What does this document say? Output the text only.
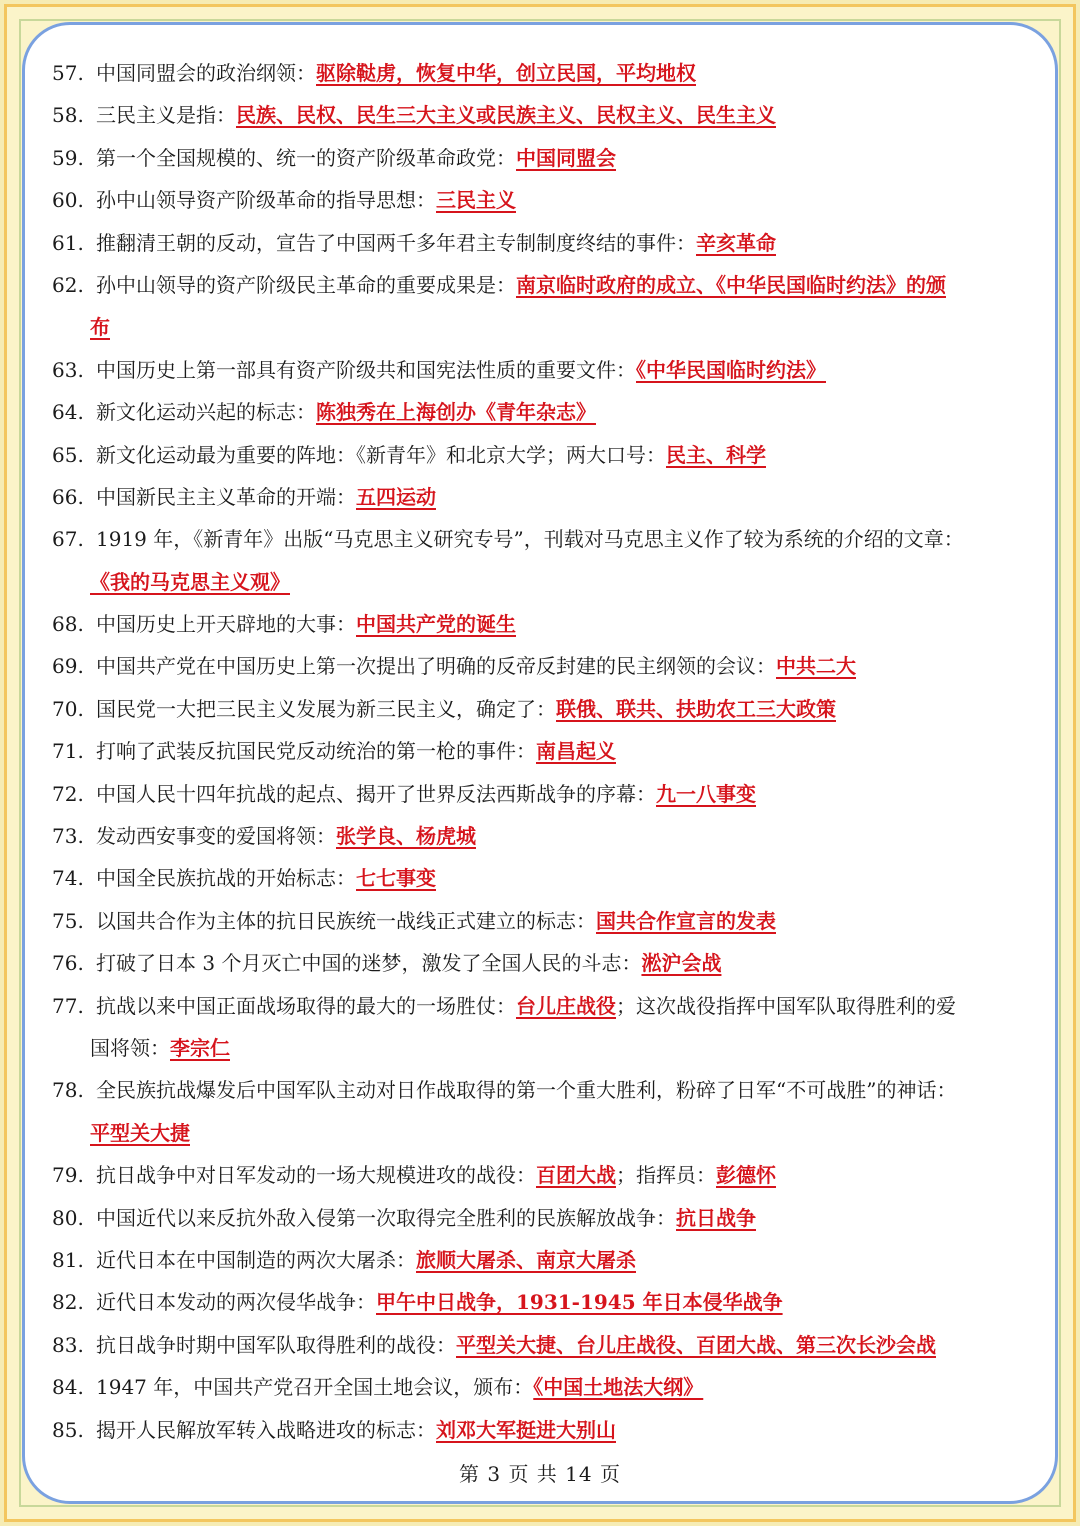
57. 中国同盟会的政治纲领：驱除鞑虏，恢复中华，创立民国，平均地权
58. 三民主义是指：民族、民权、民生三大主义或民族主义、民权主义、民生主义
59. 第一个全国规模的、统一的资产阶级革命政党：中国同盟会
60. 孙中山领导资产阶级革命的指导思想：三民主义
61. 推翻清王朝的反动，宣告了中国两千多年君主专制制度终结的事件：辛亥革命
62. 孙中山领导的资产阶级民主革命的重要成果是：南京临时政府的成立、《中华民国临时约法》的颁
布
63. 中国历史上第一部具有资产阶级共和国宪法性质的重要文件：《中华民国临时约法》
64. 新文化运动兴起的标志：陈独秀在上海创办《青年杂志》
65. 新文化运动最为重要的阵地：《新青年》和北京大学；两大口号：民主、科学
66. 中国新民主主义革命的开端：五四运动
67. 1919 年，《新青年》出版“马克思主义研究专号”，刊载对马克思主义作了较为系统的介绍的文章：
《我的马克思主义观》
68. 中国历史上开天辟地的大事：中国共产党的诞生
69. 中国共产党在中国历史上第一次提出了明确的反帝反封建的民主纲领的会议：中共二大
70. 国民党一大把三民主义发展为新三民主义，确定了：联俄、联共、扶助农工三大政策
71. 打响了武装反抗国民党反动统治的第一枪的事件：南昌起义
72. 中国人民十四年抗战的起点、揭开了世界反法西斯战争的序幕：九一八事变
73. 发动西安事变的爱国将领：张学良、杨虎城
74. 中国全民族抗战的开始标志：七七事变
75. 以国共合作为主体的抗日民族统一战线正式建立的标志：国共合作宣言的发表
76. 打破了日本 3 个月灭亡中国的迷梦，激发了全国人民的斗志：淞沪会战
77. 抗战以来中国正面战场取得的最大的一场胜仗：台儿庄战役；这次战役指挥中国军队取得胜利的爱
国将领：李宗仁
78. 全民族抗战爆发后中国军队主动对日作战取得的第一个重大胜利，粉碎了日军“不可战胜”的神话：
平型关大捷
79. 抗日战争中对日军发动的一场大规模进攻的战役：百团大战；指挥员：彭德怀
80. 中国近代以来反抗外敌入侵第一次取得完全胜利的民族解放战争：抗日战争
81. 近代日本在中国制造的两次大屠杀：旅顺大屠杀、南京大屠杀
82. 近代日本发动的两次侵华战争：甲午中日战争，1931-1945 年日本侵华战争
83. 抗日战争时期中国军队取得胜利的战役：平型关大捷、台儿庄战役、百团大战、第三次长沙会战
84. 1947 年，中国共产党召开全国土地会议，颁布：《中国土地法大纲》
85. 揭开人民解放军转入战略进攻的标志：刘邓大军挺进大别山
第 3 页 共 14 页
